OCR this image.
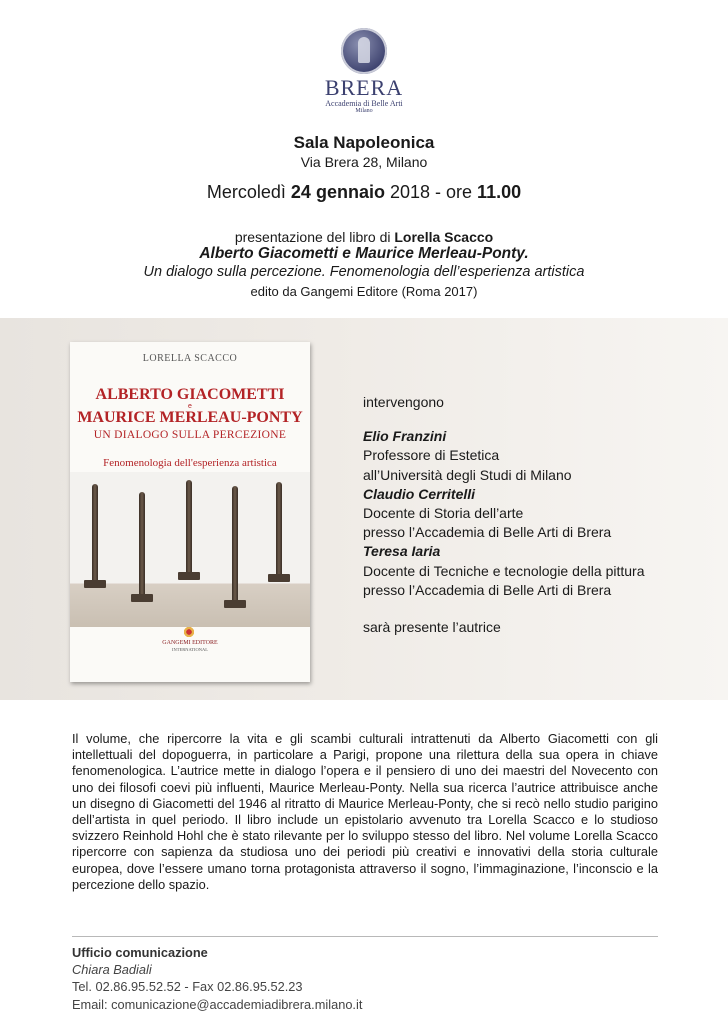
BRERA
Accademia di Belle Arti
Milano
Sala Napoleonica
Via Brera 28, Milano
Mercoledì 24 gennaio 2018 - ore 11.00
presentazione del libro di Lorella Scacco
Alberto Giacometti e Maurice Merleau-Ponty.
Un dialogo sulla percezione. Fenomenologia dell’esperienza artistica
edito da Gangemi Editore (Roma 2017)
LORELLA SCACCO
ALBERTO GIACOMETTI
e
MAURICE MERLEAU-PONTY
UN DIALOGO SULLA PERCEZIONE
Fenomenologia dell'esperienza artistica
GANGEMI EDITORE
INTERNATIONAL
intervengono
Elio Franzini
Professore di Estetica
all’Università degli Studi di Milano
Claudio Cerritelli
Docente di Storia dell’arte
presso l’Accademia di Belle Arti di Brera
Teresa Iaria
Docente di Tecniche e tecnologie della pittura
presso l’Accademia di Belle Arti di Brera
sarà presente l’autrice
Il volume, che ripercorre la vita e gli scambi culturali intrattenuti da Alberto Giacometti con gli intellettuali del dopoguerra, in particolare a Parigi, propone una rilettura della sua opera in chiave fenomenologica. L’autrice mette in dialogo l’opera e il pensiero di uno dei maestri del Novecento con uno dei filosofi coevi più influenti, Maurice Merleau-Ponty. Nella sua ricerca l’autrice attribuisce anche un disegno di Giacometti del 1946 al ritratto di Maurice Merleau-Ponty, che si recò nello studio parigino dell’artista in quel periodo. Il libro include un epistolario avvenuto tra Lorella Scacco e lo studioso svizzero Reinhold Hohl che è stato rilevante per lo sviluppo stesso del libro. Nel volume Lorella Scacco ripercorre con sapienza da studiosa uno dei periodi più creativi e innovativi della storia culturale europea, dove l’essere umano torna protagonista attraverso il sogno, l’immaginazione, l’inconscio e la percezione dello spazio.
Ufficio comunicazione
Chiara Badiali
Tel. 02.86.95.52.52 - Fax 02.86.95.52.23
Email: comunicazione@accademiadibrera.milano.it
